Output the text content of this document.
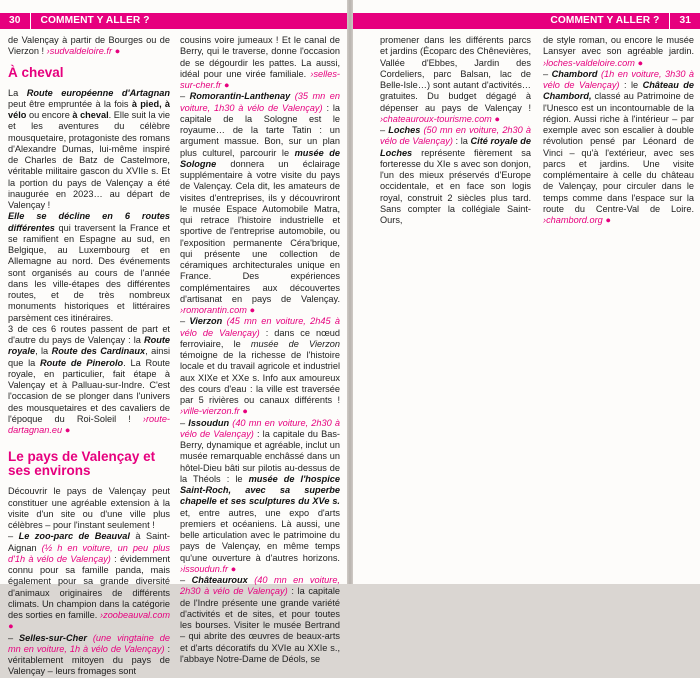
30 COMMENT Y ALLER ?

de Valençay à partir de Bourges ou de Vierzon ! ›sudvaldeloire.fr ●

À cheval

La Route européenne d'Artagnan peut être empruntée à la fois à pied, à vélo ou encore à cheval. Elle suit la vie et les aventures du célèbre mousquetaire, protagoniste des romans d'Alexandre Dumas, lui-même inspiré de Charles de Batz de Castelmore, véritable militaire gascon du XVIIe s. Et la portion du pays de Valençay a été inaugurée en 2023… au départ de Valençay !

Elle se décline en 6 routes différentes qui traversent la France et se ramifient en Espagne au sud, en Belgique, au Luxembourg et en Allemagne au nord. Des événements sont organisés au cours de l'année dans les ville-étapes des différentes routes, et de très nombreux monuments historiques et littéraires parsèment ces itinéraires.

3 de ces 6 routes passent de part et d'autre du pays de Valençay : la Route royale, la Route des Cardinaux, ainsi que la Route de Pinerolo. La Route royale, en particulier, fait étape à Valençay et à Palluau-sur-Indre. C'est l'occasion de se plonger dans l'univers des mousquetaires et des cavaliers de l'époque du Roi-Soleil ! ›route-dartagnan.eu ●

Le pays de Valençay et ses environs

Découvrir le pays de Valençay peut constituer une agréable extension à la visite d'un site ou d'une ville plus célèbres – pour l'instant seulement !

– Le zoo-parc de Beauval à Saint-Aignan (½ h en voiture, un peu plus d'1h à vélo de Valençay) : évidemment connu pour sa famille panda, mais également pour sa grande diversité d'animaux originaires de différents climats. Un champion dans la catégorie des sorties en famille. ›zoobeauval.com ●

– Selles-sur-Cher (une vingtaine de mn en voiture, 1h à vélo de Valençay) : véritablement mitoyen du pays de Valençay – leurs fromages sont

cousins voire jumeaux ! Et le canal de Berry, qui le traverse, donne l'occasion de se dégourdir les pattes. La aussi, idéal pour une virée familiale. ›selles-sur-cher.fr ●

– Romorantin-Lanthenay (35 mn en voiture, 1h30 à vélo de Valençay) : la capitale de la Sologne est le royaume… de la tarte Tatin : un argument massue. Bon, sur un plan plus culturel, parcourir le musée de Sologne donnera un éclairage supplémentaire à votre visite du pays de Valençay. Cela dit, les amateurs de visites d'entreprises, ils y découvriront le musée Espace Automobile Matra, qui retrace l'histoire industrielle et sportive de l'entreprise automobile, ou l'exposition permanente Céra'brique, qui présente une collection de céramiques architecturales unique en France. Des expériences complémentaires aux découvertes d'artisanat en pays de Valençay. ›romorantin.com ●

– Vierzon (45 mn en voiture, 2h45 à vélo de Valençay) : dans ce nœud ferroviaire, le musée de Vierzon témoigne de la richesse de l'histoire locale et du travail agricole et industriel aux XIXe et XXe s. Info aux amoureux des cours d'eau : la ville est traversée par 5 rivières ou canaux différents ! ›ville-vierzon.fr ●

– Issoudun (40 mn en voiture, 2h30 à vélo de Valençay) : la capitale du Bas-Berry, dynamique et agréable, inclut un musée remarquable enchâssé dans un hôtel-Dieu bâti sur pilotis au-dessus de la Théols : le musée de l'hospice Saint-Roch, avec sa superbe chapelle et ses sculptures du XVe s. et, entre autres, une expo d'arts premiers et océaniens. Là aussi, une belle articulation avec le patrimoine du pays de Valençay, en même temps qu'une ouverture à d'autres horizons. ›issoudun.fr ●

– Châteauroux (40 mn en voiture, 2h30 à vélo de Valençay) : la capitale de l'Indre présente une grande variété d'activités et de sites, et pour toutes les bourses. Visiter le musée Bertrand – qui abrite des œuvres de beaux-arts et d'arts décoratifs du XVIe au XXIe s., l'abbaye Notre-Dame de Déols, se

COMMENT Y ALLER ? 31

promener dans les différents parcs et jardins (Écoparc des Chênevières, Vallée d'Ebbes, Jardin des Cordeliers, parc Balsan, lac de Belle-Isle…) sont autant d'activités… gratuites. Du budget dégagé à dépenser au pays de Valençay ! ›chateauroux-tourisme.com ●

– Loches (50 mn en voiture, 2h30 à vélo de Valençay) : la Cité royale de Loches représente fièrement sa forteresse du XIe s avec son donjon, l'un des mieux préservés d'Europe occidentale, et en face son logis royal, construit 2 siècles plus tard. Sans compter la collégiale Saint-Ours,

de style roman, ou encore le musée Lansyer avec son agréable jardin. ›loches-valdeloire.com ●

– Chambord (1h en voiture, 3h30 à vélo de Valençay) : le Château de Chambord, classé au Patrimoine de l'Unesco est un incontournable de la région. Aussi riche à l'intérieur – par exemple avec son escalier à double révolution pensé par Léonard de Vinci – qu'à l'extérieur, avec ses parcs et jardins. Une visite complémentaire à celle du château de Valençay, pour circuler dans le temps comme dans l'espace sur la route du Centre-Val de Loire. ›chambord.org ●
